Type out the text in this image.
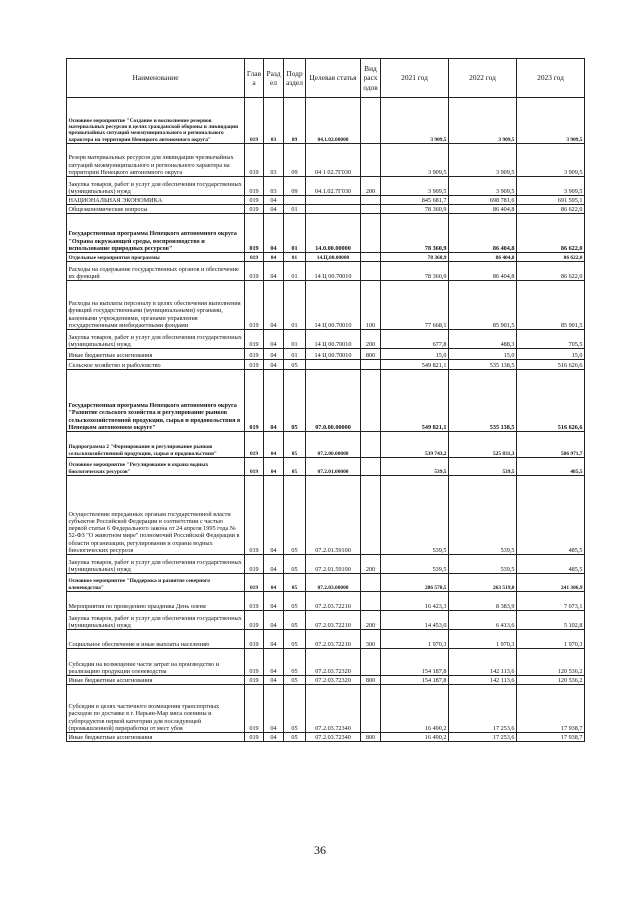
Наименование	Глав а	Разд ел	Подр аздел	Целевая статья	Вид расх одов	2021 год	2022 год	2023 год
Основное мероприятие "Создание и восполнение резервов материальных ресурсов в целях гражданской обороны и ликвидации чрезвычайных ситуаций межмуниципального и регионального характера на территории Ненецкого автономного округа"	019	03	09	04.1.02.00000		3 909,5	3 909,5	3 909,5
Резерв материальных ресурсов для ликвидации чрезвычайных ситуаций межмуниципального и регионального характера на территории Ненецкого автономного округа	019	03	09	04 1 02.7Г030		3 909,5	3 909,5	3 909,5
Закупка товаров, работ и услуг для обеспечения государственных (муниципальных) нужд	019	03	09	04.1.02.7Г030	200	3 909,5	3 909,5	3 909,5
НАЦИОНАЛЬНАЯ ЭКОНОМИКА	019	04				845 681,7	698 781,6	691 595,1
Общеэкономические вопросы	019	04	01			78 360,9	86 404,8	86 622,0
Государственная программа Ненецкого автономного округа "Охрана окружающей среды, воспроизводство и использование природных ресурсов"	019	04	01	14.0.00.00000		78 360,9	86 404,8	86 622,0
Отдельные мероприятия программы	019	04	01	14.Ц.00.00000		78 360,9	86 404,8	86 622,0
Расходы на содержание государственных органов и обеспечение их функций	019	04	01	14 Ц 00.70010		78 360,9	86 404,8	86 622,0
Расходы на выплаты персоналу в целях обеспечения выполнения функций государственными (муниципальными) органами, казенными учреждениями, органами управления государственными внебюджетными фондами	019	04	01	14 Ц 00.70010	100	77 668,1	85 901,5	85 901,5
Закупка товаров, работ и услуг для обеспечения государственных (муниципальных) нужд	019	04	01	14 Ц 00.70010	200	677,8	488,3	705,5
Иные бюджетные ассигнования	019	04	01	14 Ц 00.70010	800	15,0	15,0	15,0
Сельское хозяйство и рыболовство	019	04	05			549 821,1	535 138,5	516 626,6
Государственная программа Ненецкого автономного округа "Развитие сельского хозяйства и регулирование рынков сельскохозяйственной продукции, сырья и продовольствия в Ненецком автономном округе"	019	04	05	07.0.00.00000		549 821,1	535 138,5	516 626,6
Подпрограмма 2 "Формирование и регулирование рынков сельскохозяйственной продукции, сырья и продовольствия"	019	04	05	07.2.00.00000		539 743,2	525 831,3	506 971,7
Основное мероприятие "Регулирование и охрана водных биологических ресурсов"	019	04	05	07.2.01.00000		539,5	539,5	485,5
Осуществление переданных органам государственной власти субъектов Российской Федерации в соответствии с частью первой статьи 6 Федерального закона от 24 апреля 1995 года № 52-ФЗ "О животном мире" полномочий Российской Федерации в области организации, регулирования и охраны водных биологических ресурсов	019	04	05	07.2.01.59100		539,5	539,5	485,5
Закупка товаров, работ и услуг для обеспечения государственных (муниципальных) нужд	019	04	05	07.2.01.59100	200	539,5	539,5	485,5
Основное мероприятие "Поддержка и развитие северного оленеводства"	019	04	05	07.2.03.00000		286 570,5	263 519,0	241 306,9
Мероприятия по проведению праздника День оленя	019	04	05	07.2.03.72210		16 423,3	8 383,9	7 073,1
Закупка товаров, работ и услуг для обеспечения государственных (муниципальных) нужд	019	04	05	07.2.03.72210	200	14 453,0	6 413,6	5 102,8
Социальное обеспечение и иные выплаты населению	019	04	05	07.2.03.72210	300	1 970,3	1 970,3	1 970,3
Субсидии на возмещение части затрат на производство и реализацию продукции оленеводства	019	04	05	07.2.03.72320		154 187,8	142 113,6	120 536,2
Иные бюджетные ассигнования	019	04	05	07.2.03.72320	800	154 187,8	142 113,6	120 536,2
Субсидии в целях частичного возмещения транспортных расходов по доставке в г. Нарьян-Мар мяса оленины и субпродуктов первой категории для последующей (промышленной) переработки от мест убоя	019	04	05	07.2.03.72340		16 490,2	17 253,6	17 938,7
Иные бюджетные ассигнования	019	04	05	07.2.03.72340	800	16 490,2	17 253,6	17 938,7
36
